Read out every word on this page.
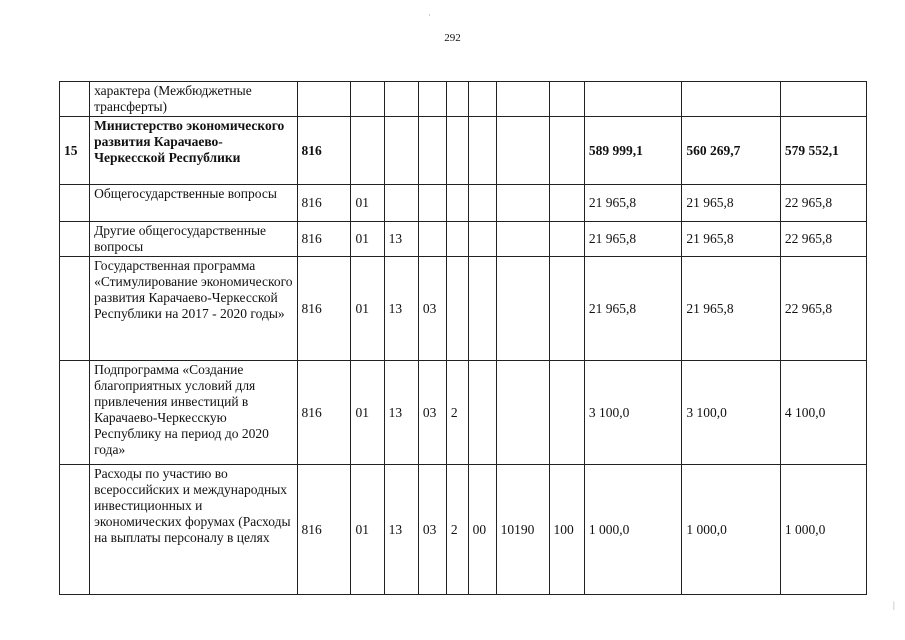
292
·
|
	характера (Межбюджетные трансферты)											
15	Министерство экономического развития Карачаево-Черкесской Республики	816								589 999,1	560 269,7	579 552,1
	Общегосударственные вопросы	816	01							21 965,8	21 965,8	22 965,8
	Другие общегосударственные вопросы	816	01	13						21 965,8	21 965,8	22 965,8
	Государственная программа «Стимулирование экономического развития Карачаево-Черкесской Республики на 2017 - 2020 годы»	816	01	13	03					21 965,8	21 965,8	22 965,8
	Подпрограмма «Создание благоприятных условий для привлечения инвестиций в Карачаево-Черкесскую Республику на период до 2020 года»	816	01	13	03	2				3 100,0	3 100,0	4 100,0
	Расходы по участию во всероссийских и международных инвестиционных и экономических форумах (Расходы на выплаты персоналу в целях	816	01	13	03	2	00	10190	100	1 000,0	1 000,0	1 000,0
